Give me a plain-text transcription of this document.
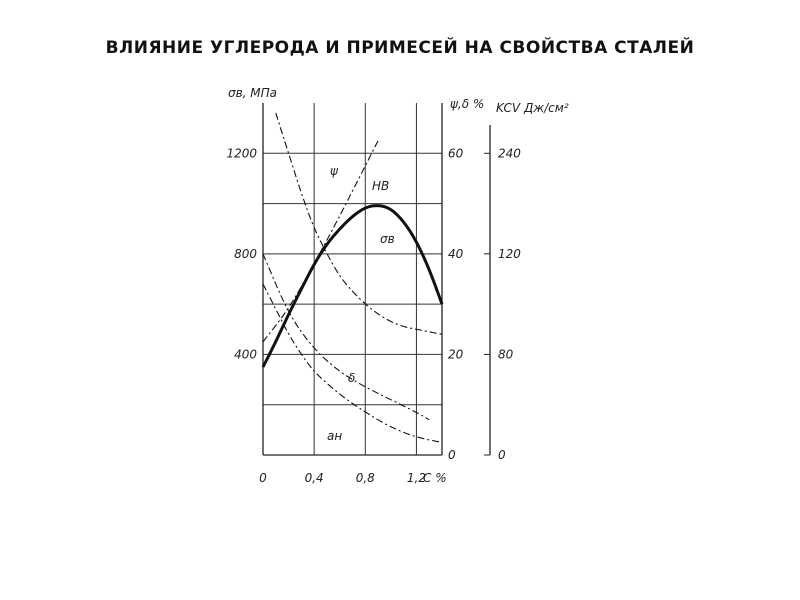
ВЛИЯНИЕ УГЛЕРОДА И ПРИМЕСЕЙ НА СВОЙСТВА СТАЛЕЙ
400
800
1200
0
20
40
60
0
80
120
240
0	0,4	0,8	1,2
σв, МПа
ψ,δ % KCV Дж/см²
C %
ψ
HB
σв
δ
aн
